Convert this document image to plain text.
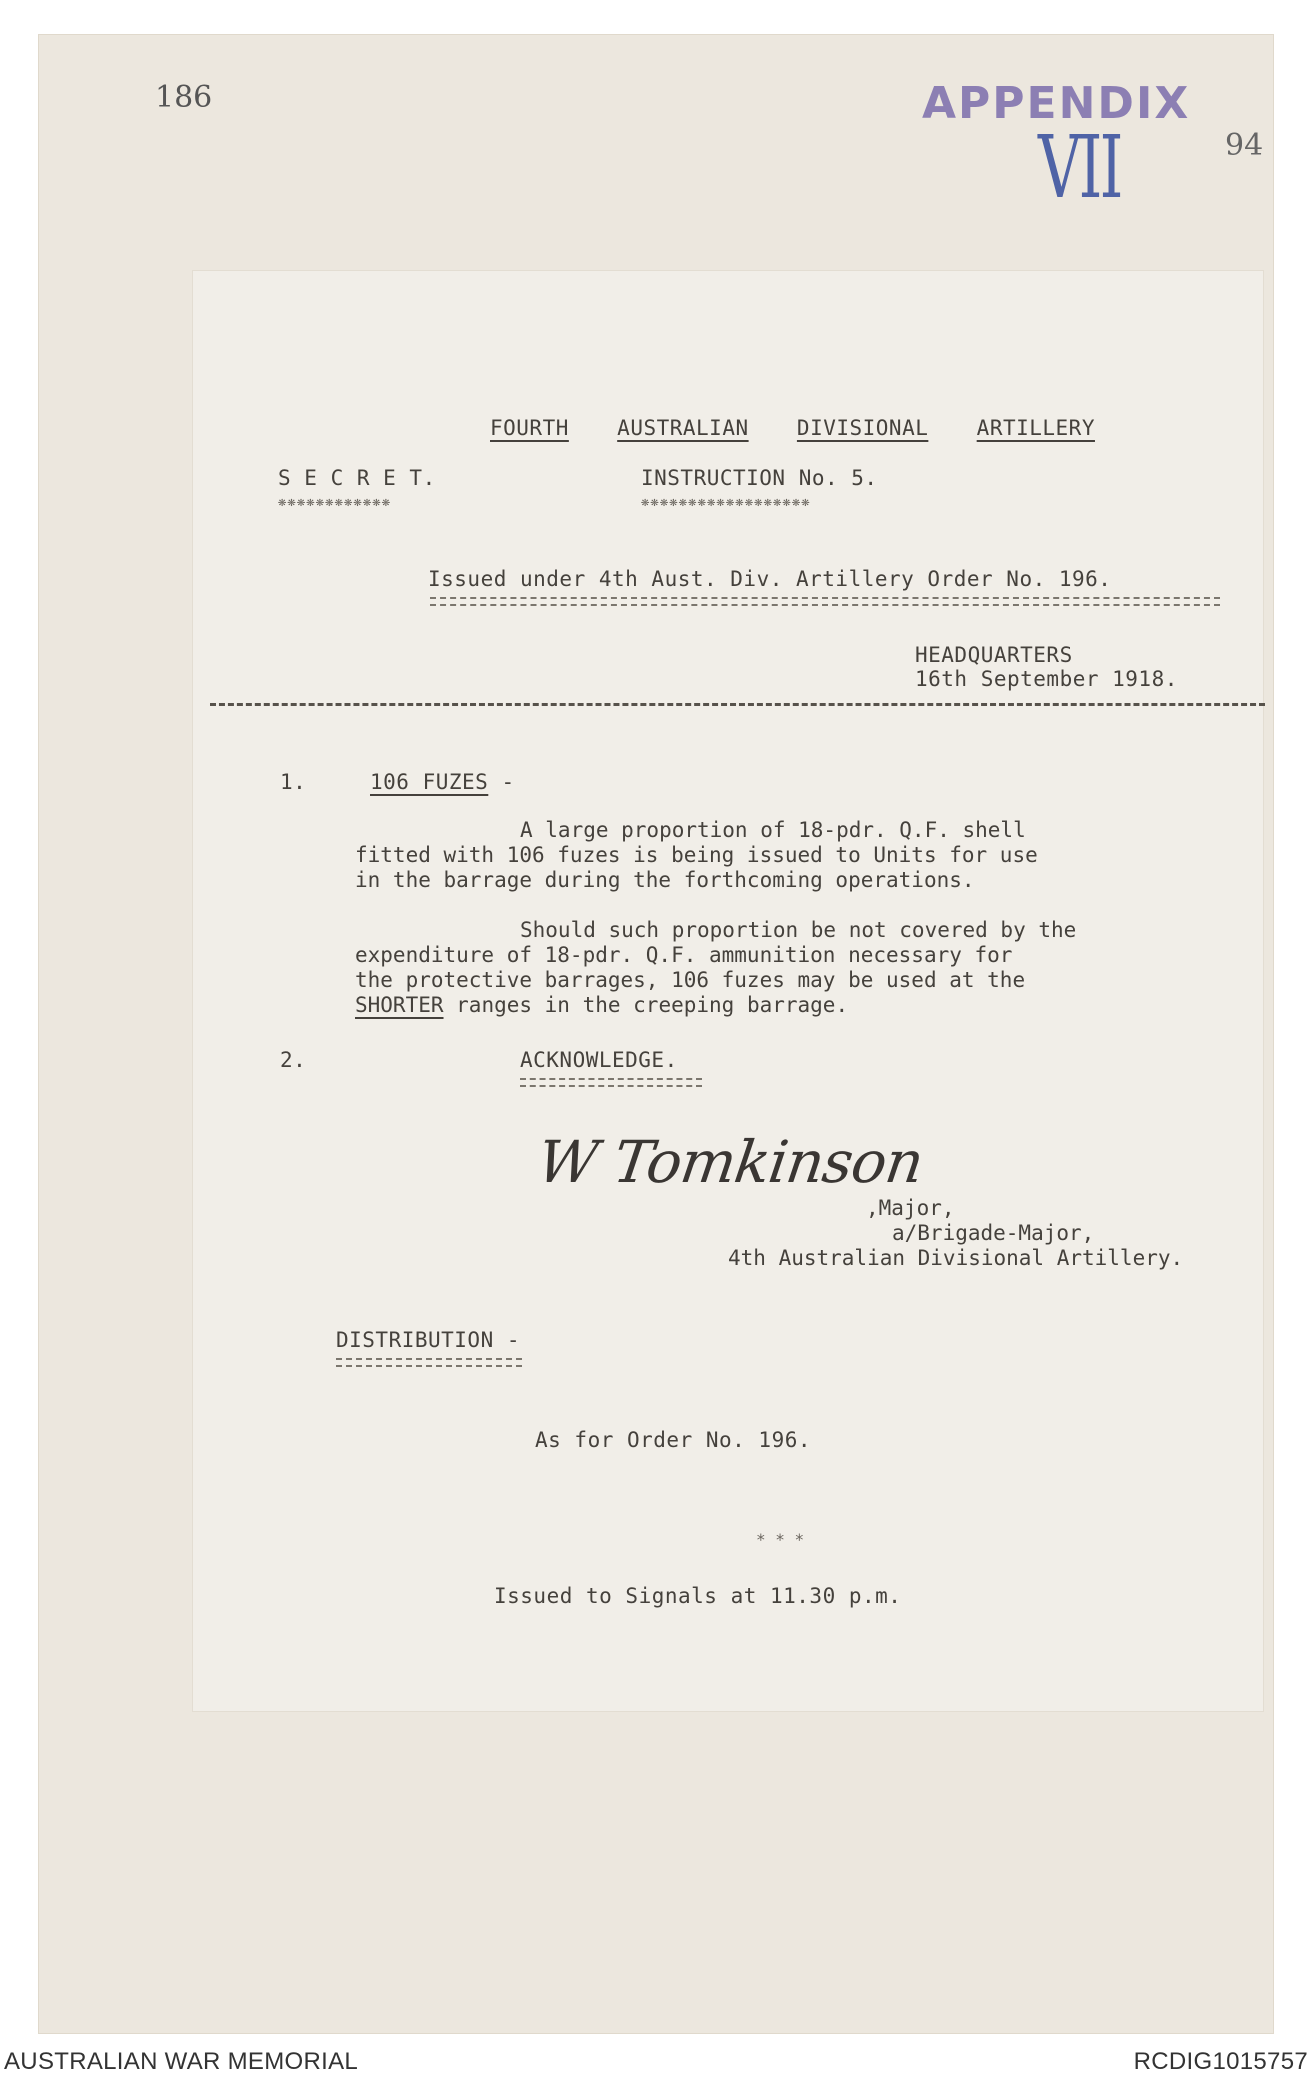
186	APPENDIX
VII	94
FOURTH AUSTRALIAN DIVISIONAL ARTILLERY
S E C R E T.
❋❋❋❋❋❋❋❋❋❋❋❋
INSTRUCTION No. 5.
❋❋❋❋❋❋❋❋❋❋❋❋❋❋❋❋❋❋
Issued under 4th Aust. Div. Artillery Order No. 196.
HEADQUARTERS
16th September 1918.
1.	106 FUZES -
A large proportion of 18-pdr. Q.F. shell
fitted with 106 fuzes is being issued to Units for use
in the barrage during the forthcoming operations.
Should such proportion be not covered by the
expenditure of 18-pdr. Q.F. ammunition necessary for
the protective barrages, 106 fuzes may be used at the
SHORTER ranges in the creeping barrage.
2.	ACKNOWLEDGE.
W Tomkinson
,Major,
a/Brigade-Major,
4th Australian Divisional Artillery.
DISTRIBUTION -
As for Order No. 196.
* * *
Issued to Signals at 11.30 p.m.
AUSTRALIAN WAR MEMORIAL	RCDIG1015757
